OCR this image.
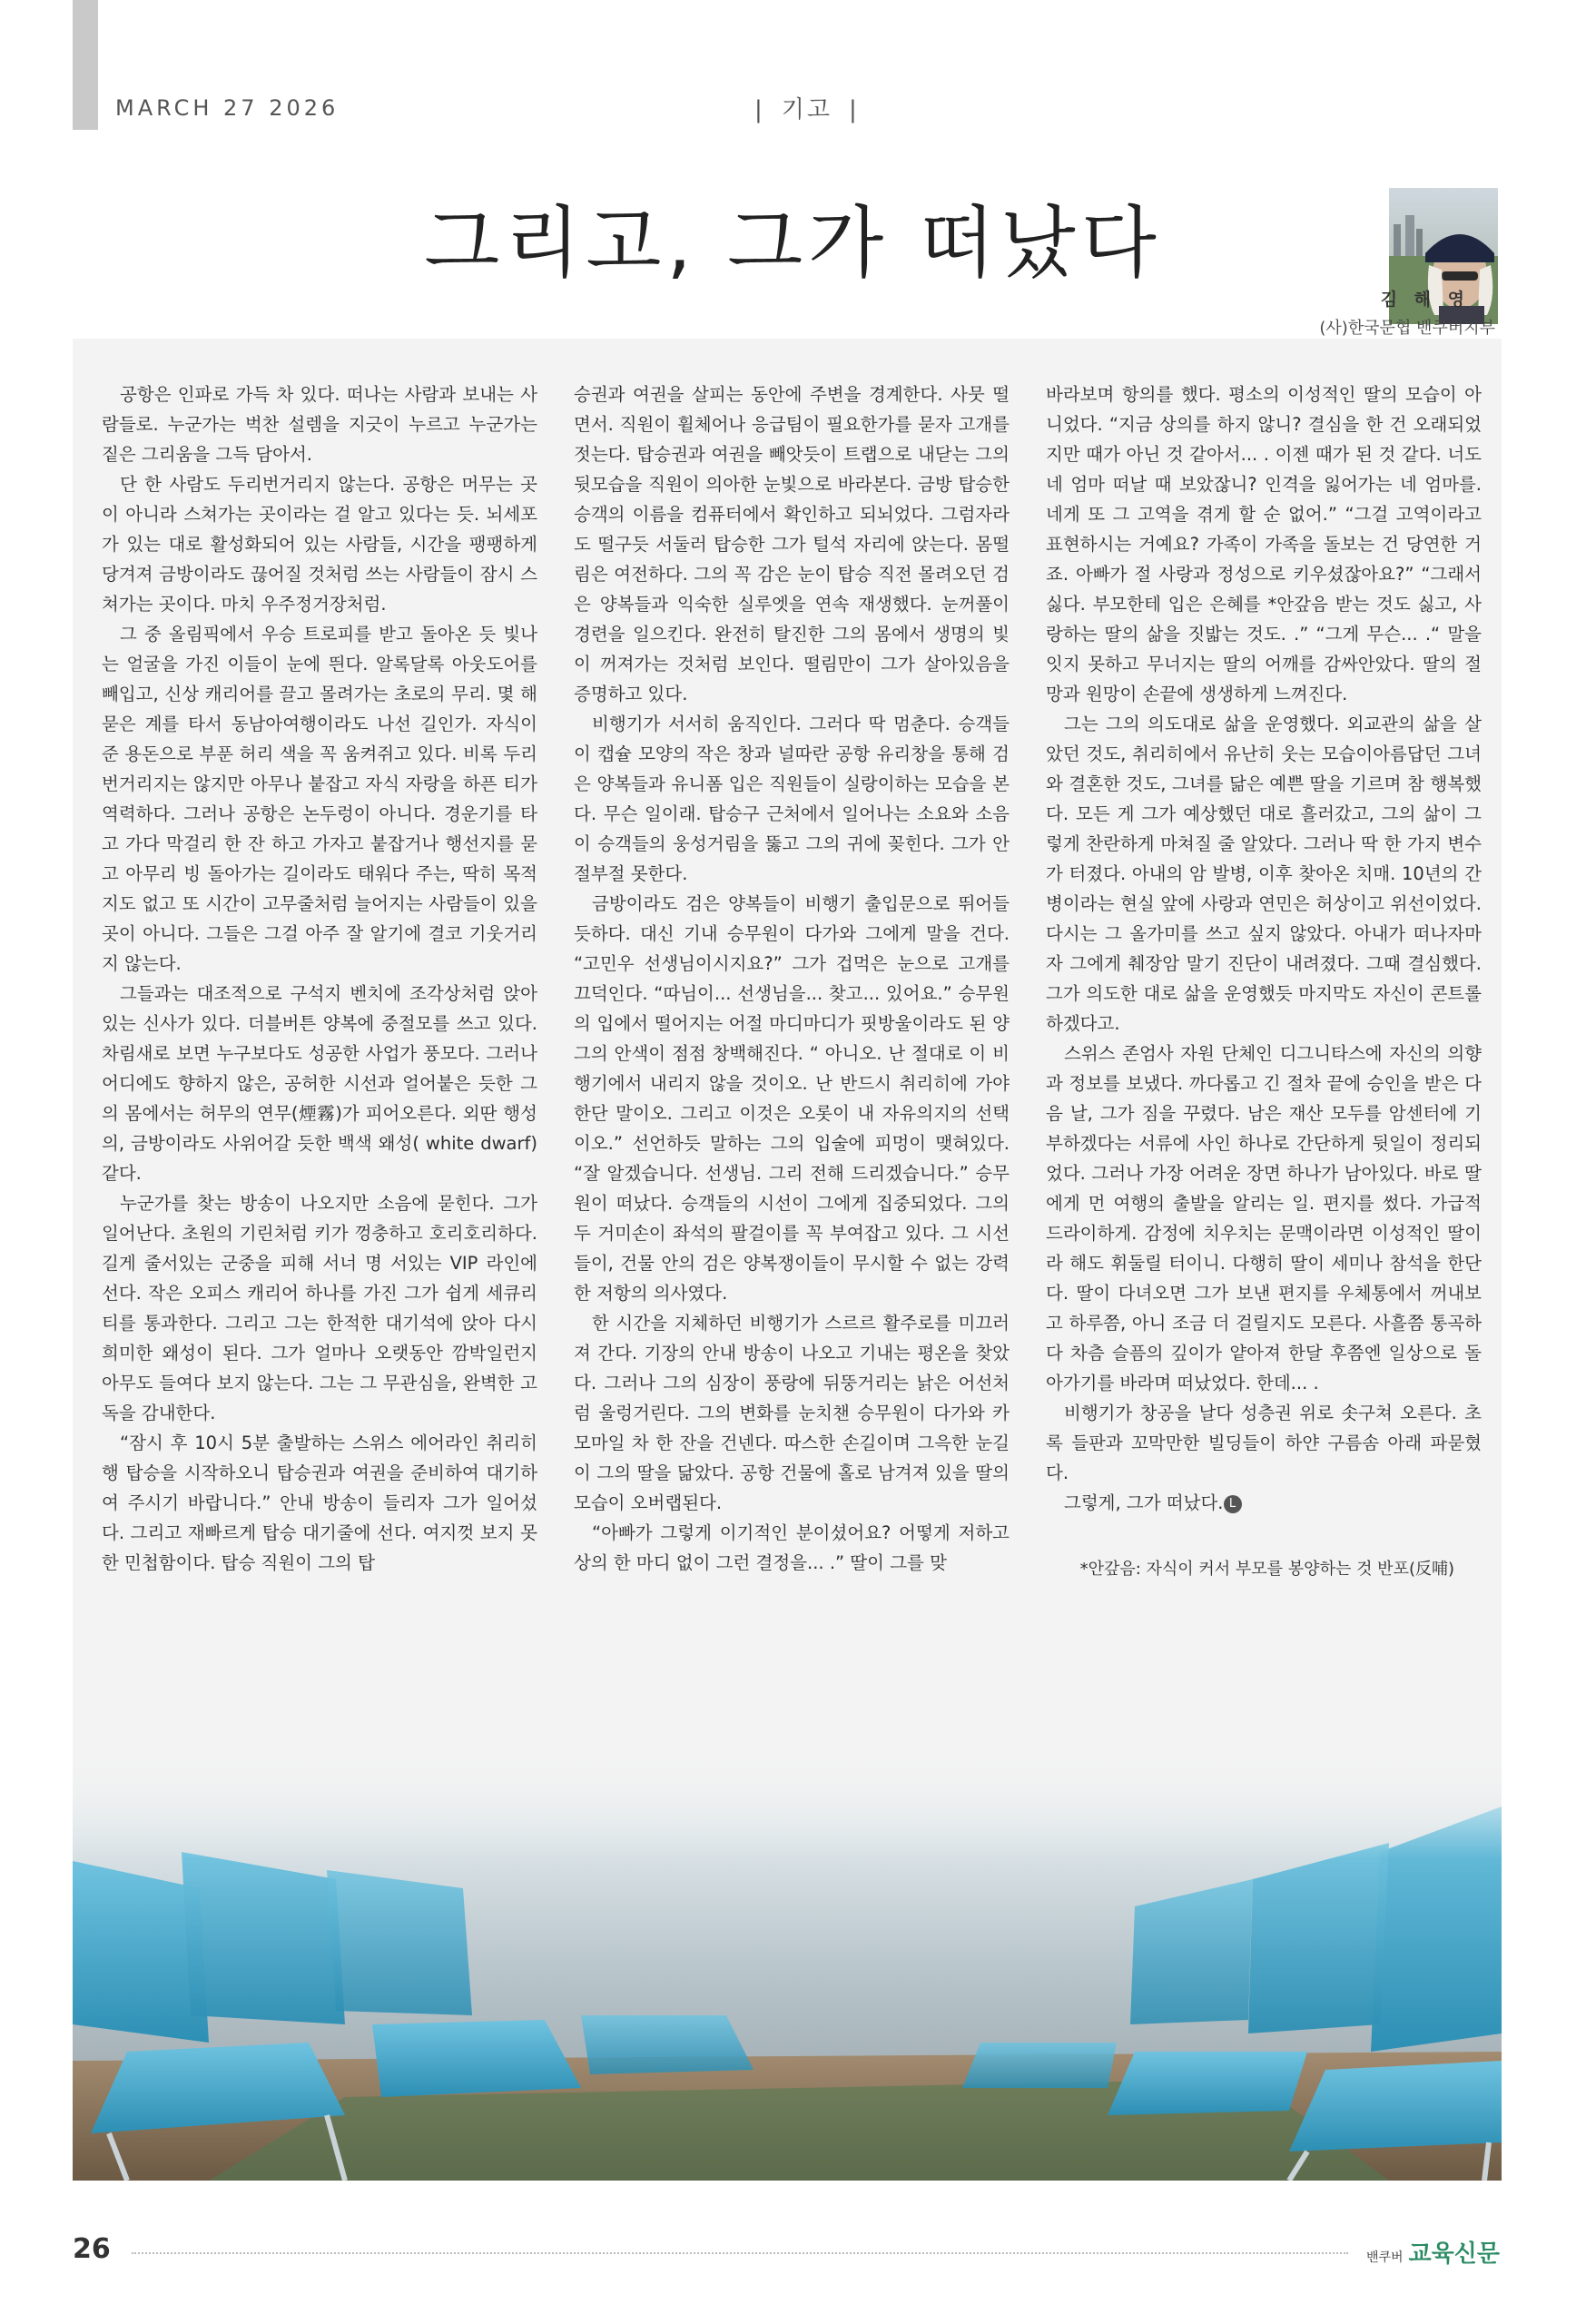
MARCH 27 2026	| 기고 |
그리고, 그가 떠났다
김 해 영
(사)한국문협 밴쿠버지부

공항은 인파로 가득 차 있다. 떠나는 사람과 보내는 사람들로. 누군가는 벅찬 설렘을 지긋이 누르고 누군가는 짙은 그리움을 그득 담아서.

단 한 사람도 두리번거리지 않는다. 공항은 머무는 곳이 아니라 스쳐가는 곳이라는 걸 알고 있다는 듯. 뇌세포가 있는 대로 활성화되어 있는 사람들, 시간을 팽팽하게 당겨져 금방이라도 끊어질 것처럼 쓰는 사람들이 잠시 스쳐가는 곳이다. 마치 우주정거장처럼.

그 중 올림픽에서 우승 트로피를 받고 돌아온 듯 빛나는 얼굴을 가진 이들이 눈에 띈다. 알록달록 아웃도어를 빼입고, 신상 캐리어를 끌고 몰려가는 초로의 무리. 몇 해 묻은 계를 타서 동남아여행이라도 나선 길인가. 자식이 준 용돈으로 부푼 허리 색을 꼭 움켜쥐고 있다. 비록 두리번거리지는 않지만 아무나 붙잡고 자식 자랑을 하픈 티가 역력하다. 그러나 공항은 논두렁이 아니다. 경운기를 타고 가다 막걸리 한 잔 하고 가자고 붙잡거나 행선지를 묻고 아무리 빙 돌아가는 길이라도 태워다 주는, 딱히 목적지도 없고 또 시간이 고무줄처럼 늘어지는 사람들이 있을 곳이 아니다. 그들은 그걸 아주 잘 알기에 결코 기웃거리지 않는다.

그들과는 대조적으로 구석지 벤치에 조각상처럼 앉아있는 신사가 있다. 더블버튼 양복에 중절모를 쓰고 있다. 차림새로 보면 누구보다도 성공한 사업가 풍모다. 그러나 어디에도 향하지 않은, 공허한 시선과 얼어붙은 듯한 그의 몸에서는 허무의 연무(煙霧)가 피어오른다. 외딴 행성의, 금방이라도 사위어갈 듯한 백색 왜성( white dwarf) 같다.

누군가를 찾는 방송이 나오지만 소음에 묻힌다. 그가 일어난다. 초원의 기린처럼 키가 껑충하고 호리호리하다. 길게 줄서있는 군중을 피해 서너 명 서있는 VIP 라인에 선다. 작은 오피스 캐리어 하나를 가진 그가 쉽게 세큐리티를 통과한다. 그리고 그는 한적한 대기석에 앉아 다시 희미한 왜성이 된다. 그가 얼마나 오랫동안 깜박일런지 아무도 들여다 보지 않는다. 그는 그 무관심을, 완벽한 고독을 감내한다.

“잠시 후 10시 5분 출발하는 스위스 에어라인 취리히 행 탑승을 시작하오니 탑승권과 여권을 준비하여 대기하여 주시기 바랍니다.” 안내 방송이 들리자 그가 일어섰다. 그리고 재빠르게 탑승 대기줄에 선다. 여지껏 보지 못한 민첩함이다. 탑승 직원이 그의 탑

승권과 여권을 살피는 동안에 주변을 경계한다. 사뭇 떨면서. 직원이 휠체어나 응급팀이 필요한가를 묻자 고개를 젓는다. 탑승권과 여권을 빼앗듯이 트랩으로 내닫는 그의 뒷모습을 직원이 의아한 눈빛으로 바라본다. 금방 탑승한 승객의 이름을 컴퓨터에서 확인하고 되뇌었다. 그럼자라도 떨구듯 서둘러 탑승한 그가 털석 자리에 앉는다. 몸떨림은 여전하다. 그의 꼭 감은 눈이 탑승 직전 몰려오던 검은 양복들과 익숙한 실루엣을 연속 재생했다. 눈꺼풀이 경련을 일으킨다. 완전히 탈진한 그의 몸에서 생명의 빛이 꺼져가는 것처럼 보인다. 떨림만이 그가 살아있음을 증명하고 있다.

비행기가 서서히 움직인다. 그러다 딱 멈춘다. 승객들이 캡슐 모양의 작은 창과 널따란 공항 유리창을 통해 검은 양복들과 유니폼 입은 직원들이 실랑이하는 모습을 본다. 무슨 일이래. 탑승구 근처에서 일어나는 소요와 소음이 승객들의 웅성거림을 뚫고 그의 귀에 꽂힌다. 그가 안절부절 못한다.

금방이라도 검은 양복들이 비행기 출입문으로 뛰어들 듯하다. 대신 기내 승무원이 다가와 그에게 말을 건다. “고민우 선생님이시지요?” 그가 겁먹은 눈으로 고개를 끄덕인다. “따님이... 선생님을... 찾고... 있어요.” 승무원의 입에서 떨어지는 어절 마디마디가 핏방울이라도 된 양 그의 안색이 점점 창백해진다. “ 아니오. 난 절대로 이 비행기에서 내리지 않을 것이오. 난 반드시 취리히에 가야한단 말이오. 그리고 이것은 오롯이 내 자유의지의 선택이오.” 선언하듯 말하는 그의 입술에 피멍이 맺혀있다. “잘 알겠습니다. 선생님. 그리 전해 드리겠습니다.” 승무원이 떠났다. 승객들의 시선이 그에게 집중되었다. 그의 두 거미손이 좌석의 팔걸이를 꼭 부여잡고 있다. 그 시선들이, 건물 안의 검은 양복쟁이들이 무시할 수 없는 강력한 저항의 의사였다.

한 시간을 지체하던 비행기가 스르르 활주로를 미끄러져 간다. 기장의 안내 방송이 나오고 기내는 평온을 찾았다. 그러나 그의 심장이 풍랑에 뒤뚱거리는 낡은 어선처럼 울렁거린다. 그의 변화를 눈치챈 승무원이 다가와 카모마일 차 한 잔을 건넨다. 따스한 손길이며 그윽한 눈길이 그의 딸을 닮았다. 공항 건물에 홀로 남겨져 있을 딸의 모습이 오버랩된다.

“아빠가 그렇게 이기적인 분이셨어요? 어떻게 저하고 상의 한 마디 없이 그런 결정을... .” 딸이 그를 맞

바라보며 항의를 했다. 평소의 이성적인 딸의 모습이 아니었다. “지금 상의를 하지 않니? 결심을 한 건 오래되었지만 때가 아닌 것 같아서... . 이젠 때가 된 것 같다. 너도 네 엄마 떠날 때 보았잖니? 인격을 잃어가는 네 엄마를. 네게 또 그 고역을 겪게 할 순 없어.” “그걸 고역이라고 표현하시는 거예요? 가족이 가족을 돌보는 건 당연한 거죠. 아빠가 절 사랑과 정성으로 키우셨잖아요?” “그래서 싫다. 부모한테 입은 은혜를 *안갚음 받는 것도 싫고, 사랑하는 딸의 삶을 짓밟는 것도. .” “그게 무슨... .“ 말을 잇지 못하고 무너지는 딸의 어깨를 감싸안았다. 딸의 절망과 원망이 손끝에 생생하게 느껴진다.

그는 그의 의도대로 삶을 운영했다. 외교관의 삶을 살았던 것도, 취리히에서 유난히 웃는 모습이아름답던 그녀와 결혼한 것도, 그녀를 닮은 예쁜 딸을 기르며 참 행복했다. 모든 게 그가 예상했던 대로 흘러갔고, 그의 삶이 그렇게 찬란하게 마쳐질 줄 알았다. 그러나 딱 한 가지 변수가 터졌다. 아내의 암 발병, 이후 찾아온 치매. 10년의 간병이라는 현실 앞에 사랑과 연민은 허상이고 위선이었다. 다시는 그 올가미를 쓰고 싶지 않았다. 아내가 떠나자마자 그에게 췌장암 말기 진단이 내려졌다. 그때 결심했다. 그가 의도한 대로 삶을 운영했듯 마지막도 자신이 콘트롤하겠다고.

스위스 존엄사 자원 단체인 디그니타스에 자신의 의향과 정보를 보냈다. 까다롭고 긴 절차 끝에 승인을 받은 다음 날, 그가 짐을 꾸렸다. 남은 재산 모두를 암센터에 기부하겠다는 서류에 사인 하나로 간단하게 뒷일이 정리되었다. 그러나 가장 어려운 장면 하나가 남아있다. 바로 딸에게 먼 여행의 출발을 알리는 일. 편지를 썼다. 가급적 드라이하게. 감정에 치우치는 문맥이라면 이성적인 딸이라 해도 휘둘릴 터이니. 다행히 딸이 세미나 참석을 한단다. 딸이 다녀오면 그가 보낸 편지를 우체통에서 꺼내보고 하루쯤, 아니 조금 더 걸릴지도 모른다. 사흘쯤 통곡하다 차츰 슬픔의 깊이가 얕아져 한달 후쯤엔 일상으로 돌아가기를 바라며 떠났었다. 한데... .

비행기가 창공을 날다 성층권 위로 솟구쳐 오른다. 초록 들판과 꼬막만한 빌딩들이 하얀 구름솜 아래 파묻혔다.

그렇게, 그가 떠났다. L

*안갚음: 자식이 커서 부모를 봉양하는 것 반포(反哺)

26	밴쿠버 교육신문
